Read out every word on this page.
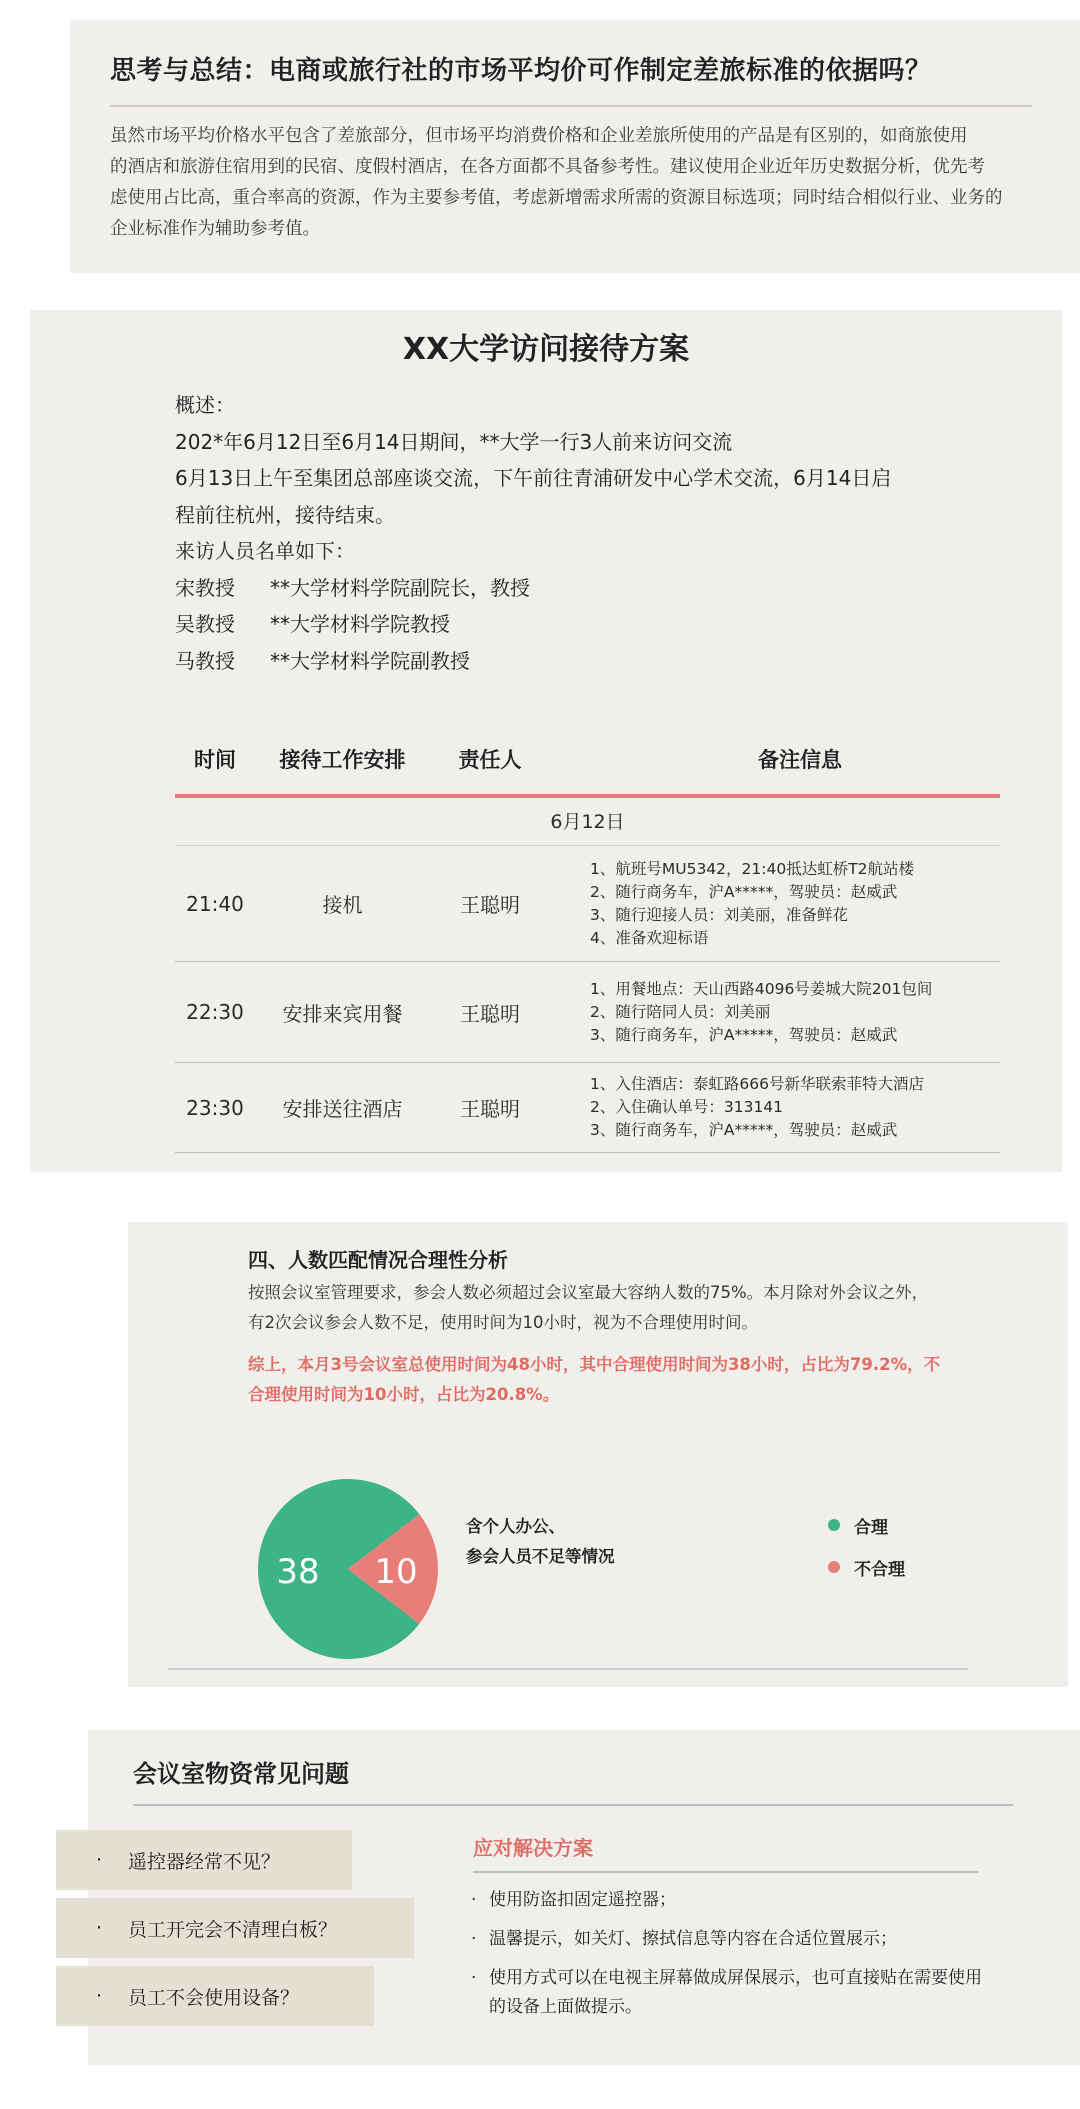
思考与总结：电商或旅行社的市场平均价可作制定差旅标准的依据吗？
虽然市场平均价格水平包含了差旅部分，但市场平均消费价格和企业差旅所使用的产品是有区别的，如商旅使用
的酒店和旅游住宿用到的民宿、度假村酒店，在各方面都不具备参考性。建议使用企业近年历史数据分析，优先考
虑使用占比高，重合率高的资源，作为主要参考值，考虑新增需求所需的资源目标选项；同时结合相似行业、业务的
企业标准作为辅助参考值。
XX大学访问接待方案
概述：
202*年6月12日至6月14日期间，**大学一行3人前来访问交流
6月13日上午至集团总部座谈交流，下午前往青浦研发中心学术交流，6月14日启
程前往杭州，接待结束。
来访人员名单如下：
宋教授	**大学材料学院副院长，教授
吴教授	**大学材料学院教授
马教授	**大学材料学院副教授
时间	接待工作安排	责任人	备注信息
6月12日
21:40	接机	王聪明
1、航班号MU5342，21:40抵达虹桥T2航站楼
2、随行商务车，沪A*****，驾驶员：赵威武
3、随行迎接人员：刘美丽，准备鲜花
4、准备欢迎标语
22:30	安排来宾用餐	王聪明
1、用餐地点：天山西路4096号姜城大院201包间
2、随行陪同人员：刘美丽
3、随行商务车，沪A*****，驾驶员：赵威武
23:30	安排送往酒店	王聪明
1、入住酒店：泰虹路666号新华联索菲特大酒店
2、入住确认单号：313141
3、随行商务车，沪A*****，驾驶员：赵威武
四、人数匹配情况合理性分析
按照会议室管理要求，参会人数必须超过会议室最大容纳人数的75%。本月除对外会议之外，
有2次会议参会人数不足，使用时间为10小时，视为不合理使用时间。
综上，本月3号会议室总使用时间为48小时，其中合理使用时间为38小时，占比为79.2%，不
合理使用时间为10小时，占比为20.8%。
38 10
含个人办公、
参会人员不足等情况
合理
不合理
会议室物资常见问题
· 遥控器经常不见？
· 员工开完会不清理白板？
· 员工不会使用设备？
应对解决方案
· 使用防盗扣固定遥控器；
· 温馨提示，如关灯、擦拭信息等内容在合适位置展示；
· 使用方式可以在电视主屏幕做成屏保展示，也可直接贴在需要使用的设备上面做提示。
